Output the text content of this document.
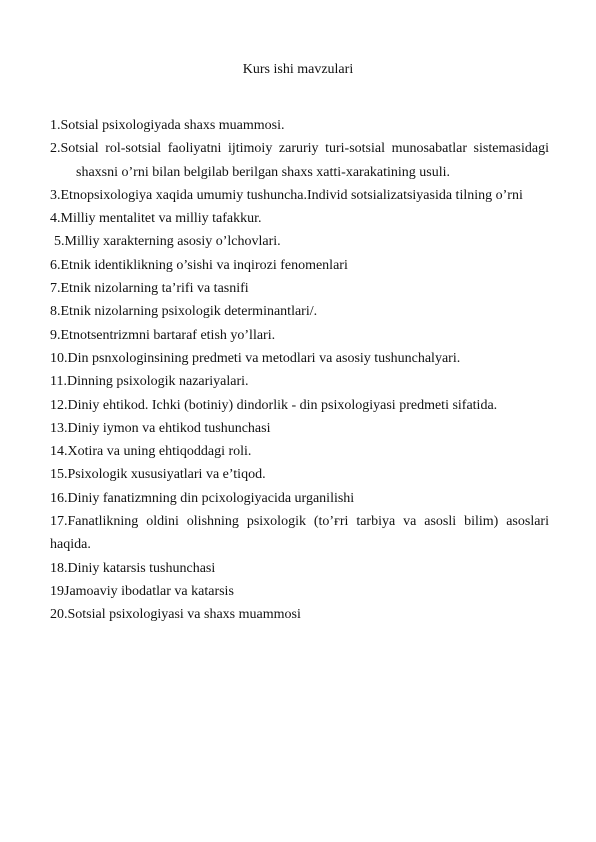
Kurs ishi mavzulari

1.Sotsial psixologiyada shaxs muammosi.

2.Sotsial rol-sotsial faoliyatni ijtimoiy zaruriy turi-sotsial munosabatlar sistemasidagishaxsni o’rni bilan belgilab berilgan shaxs xatti-xarakatining usuli.

3.Etnopsixologiya xaqida umumiy tushuncha.Individ sotsializatsiyasida tilning o’rni

4.Milliy mentalitet va milliy tafakkur.

5.Milliy xarakterning asosiy o’lchovlari.

6.Etnik identiklikning o’sishi va inqirozi fenomenlari

7.Etnik nizolarning ta’rifi va tasnifi

8.Etnik nizolarning psixologik determinantlari/.

9.Etnotsentrizmni bartaraf etish yo’llari.

10.Din psnxologinsining predmeti va metodlari va asosiy tushunchalyari.

11.Dinning psixologik nazariyalari.

12.Diniy ehtikod. Ichki (botiniy) dindorlik - din psixologiyasi predmeti sifatida.

13.Diniy iymon va ehtikod tushunchasi

14.Xotira va uning ehtiqoddagi roli.

15.Psixologik xususiyatlari va e’tiqod.

16.Diniy fanatizmning din pcixologiyacida urganilishi

17.Fanatlikning oldini olishning psixologik (to’ғri tarbiya va asosli bilim) asoslari haqida.

18.Diniy katarsis tushunchasi

19Jamoaviy ibodatlar va katarsis

20.Sotsial psixologiyasi va shaxs muammosi
